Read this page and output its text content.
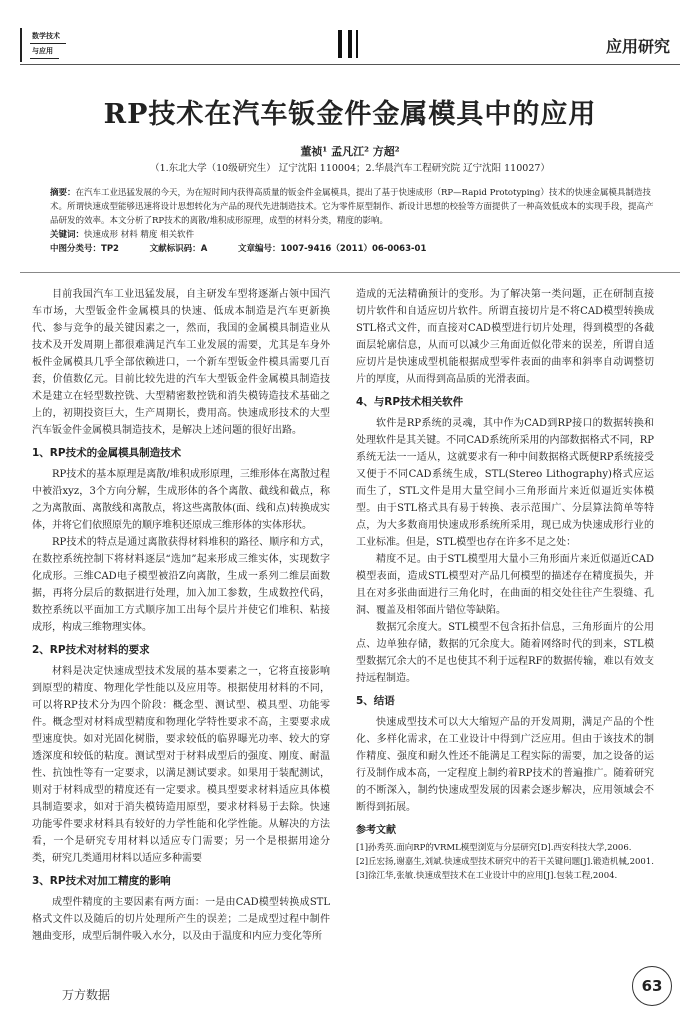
数学技术
与应用	应用研究
RP技术在汽车钣金件金属模具中的应用
董祯¹ 孟凡江² 方超²
（1.东北大学（10级研究生） 辽宁沈阳 110004；2.华晨汽车工程研究院 辽宁沈阳 110027）
摘要：在汽车工业迅猛发展的今天，为在短时间内获得高质量的钣金件金属模具，提出了基于快速成形（RP—Rapid Prototyping）技术的快速金属模具制造技术。所谓快速成型能够迅速将设计思想转化为产品的现代先进制造技术。它为零件原型制作、新设计思想的校验等方面提供了一种高效低成本的实现手段，提高产品研发的效率。本文分析了RP技术的离散/堆积成形原理，成型的材料分类，精度的影响。
关键词：快速成形 材料 精度 相关软件
中图分类号：TP2	文献标识码：A	文章编号：1007-9416（2011）06-0063-01

目前我国汽车工业迅猛发展，自主研发车型将逐渐占领中国汽车市场，大型钣金件金属模具的快速、低成本制造是汽车更新换代、参与竞争的最关键因素之一，然而，我国的金属模具制造业从技术及开发周期上都很难满足汽车工业发展的需要，尤其是车身外板件金属模具几乎全部依赖进口，一个新车型钣金件模具需要几百套，价值数亿元。目前比较先进的汽车大型钣金件金属模具制造技术是建立在轻型数控铣、大型精密数控铣和消失模铸造技术基础之上的，初期投资巨大，生产周期长，费用高。快速成形技术的大型汽车钣金件金属模具制造技术，是解决上述问题的很好出路。

1、RP技术的金属模具制造技术

RP技术的基本原理是离散/堆积成形原理，三维形体在离散过程中被沿xyz，3个方向分解，生成形体的各个离散、截线和截点，称之为离散面、离散线和离散点，将这些离散体(面、线和点)转换成实体，并将它们依照原先的顺序堆积还原成三维形体的实体形状。

RP技术的特点是通过离散获得材料堆积的路径、顺序和方式，在数控系统控制下将材料逐层“选加”起来形成三维实体，实现数字化成形。三维CAD电子模型被沿Z向离散，生成一系列二维层面数据，再将分层后的数据进行处理，加入加工参数，生成数控代码，数控系统以平面加工方式顺序加工出每个层片并使它们堆积、粘接成形，构成三维物理实体。

2、RP技术对材料的要求

材料是决定快速成型技术发展的基本要素之一，它将直接影响到原型的精度、物理化学性能以及应用等。根据使用材料的不同，可以将RP技术分为四个阶段：概念型、测试型、模具型、功能零件。概念型对材料成型精度和物理化学特性要求不高，主要要求成型速度快。如对光固化树脂，要求较低的临界曝光功率、较大的穿透深度和较低的粘度。测试型对于材料成型后的强度、刚度、耐温性、抗蚀性等有一定要求，以满足测试要求。如果用于装配测试，则对于材料成型的精度还有一定要求。模具型要求材料适应具体模具制造要求，如对于消失模铸造用原型，要求材料易于去除。快速功能零件要求材料具有较好的力学性能和化学性能。从解决的方法看，一个是研究专用材料以适应专门需要；另一个是根据用途分类，研究几类通用材料以适应多种需要

3、RP技术对加工精度的影响

成型件精度的主要因素有两方面：一是由CAD模型转换成STL格式文件以及随后的切片处理所产生的误差；二是成型过程中制件翘曲变形，成型后制件吸入水分，以及由于温度和内应力变化等所

造成的无法精确预计的变形。为了解决第一类问题，正在研制直接切片软件和自适应切片软件。所谓直接切片是不将CAD模型转换成STL格式文件，而直接对CAD模型进行切片处理，得到模型的各截面层轮廓信息，从而可以减少三角面近似化带来的误差，所谓自适应切片是快速成型机能根据成型零件表面的曲率和斜率自动调整切片的厚度，从而得到高品质的光滑表面。

4、与RP技术相关软件

软件是RP系统的灵魂，其中作为CAD到RP接口的数据转换和处理软件是其关键。不同CAD系统所采用的内部数据格式不同，RP系统无法一一适从，这就要求有一种中间数据格式既便RP系统接受又便于不同CAD系统生成，STL(Stereo Lithography)格式应运而生了，STL文件是用大量空间小三角形面片来近似逼近实体模型。由于STL格式具有易于转换、表示范围广、分层算法简单等特点，为大多数商用快速成形系统所采用，现已成为快速成形行业的工业标准。但是，STL模型也存在许多不足之处：

精度不足。由于STL模型用大量小三角形面片来近似逼近CAD模型表面，造成STL模型对产品几何模型的描述存在精度损失，并且在对多张曲面进行三角化时，在曲面的相交处往往产生裂缝、孔洞、覆盖及相邻面片错位等缺陷。

数据冗余度大。STL模型不包含拓扑信息，三角形面片的公用点、边单独存储，数据的冗余度大。随着网络时代的到来，STL模型数据冗余大的不足也使其不利于远程RF的数据传输，难以有效支持远程制造。

5、结语

快速成型技术可以大大缩短产品的开发周期，满足产品的个性化、多样化需求，在工业设计中得到广泛应用。但由于该技术的制作精度、强度和耐久性还不能满足工程实际的需要，加之设备的运行及制作成本高，一定程度上制约着RP技术的普遍推广。随着研究的不断深入，制约快速成型发展的因素会逐步解决，应用领域会不断得到拓展。

参考文献

[1]孙秀英.面向RP的VRML模型浏览与分层研究[D].西安科技大学,2006.

[2]丘宏扬,谢嘉生,刘斌.快速成型技术研究中的若干关键问题[J].锻造机械,2001.

[3]徐江华,张敏.快速成型技术在工业设计中的应用[J].包装工程,2004.

万方数据	63
